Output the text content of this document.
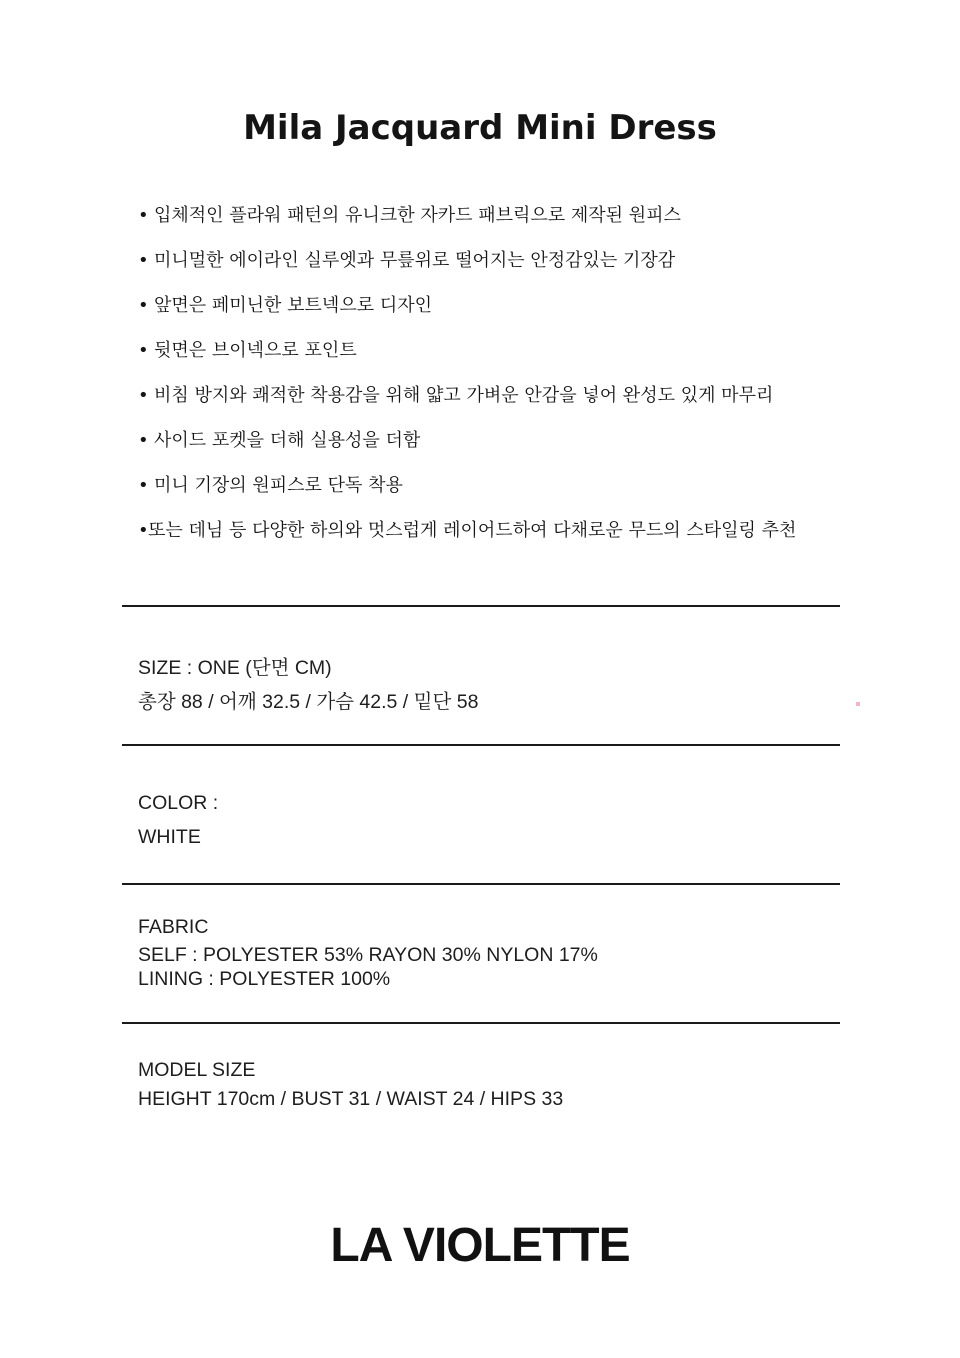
Mila Jacquard Mini Dress
• 입체적인 플라워 패턴의 유니크한 자카드 패브릭으로 제작된 원피스
• 미니멀한 에이라인 실루엣과 무릎위로 떨어지는 안정감있는 기장감
• 앞면은 페미닌한 보트넥으로 디자인
• 뒷면은 브이넥으로 포인트
• 비침 방지와 쾌적한 착용감을 위해 얇고 가벼운 안감을 넣어 완성도 있게 마무리
• 사이드 포켓을 더해 실용성을 더함
• 미니 기장의 원피스로 단독 착용
•또는 데님 등 다양한 하의와 멋스럽게 레이어드하여 다채로운 무드의 스타일링 추천
SIZE : ONE (단면 CM)
총장 88 / 어깨 32.5 / 가슴 42.5 / 밑단 58
COLOR :
WHITE
FABRIC
SELF : POLYESTER 53% RAYON 30% NYLON 17%
LINING : POLYESTER 100%
MODEL SIZE
HEIGHT 170cm / BUST 31 / WAIST 24 / HIPS 33
LA VIOLETTE
